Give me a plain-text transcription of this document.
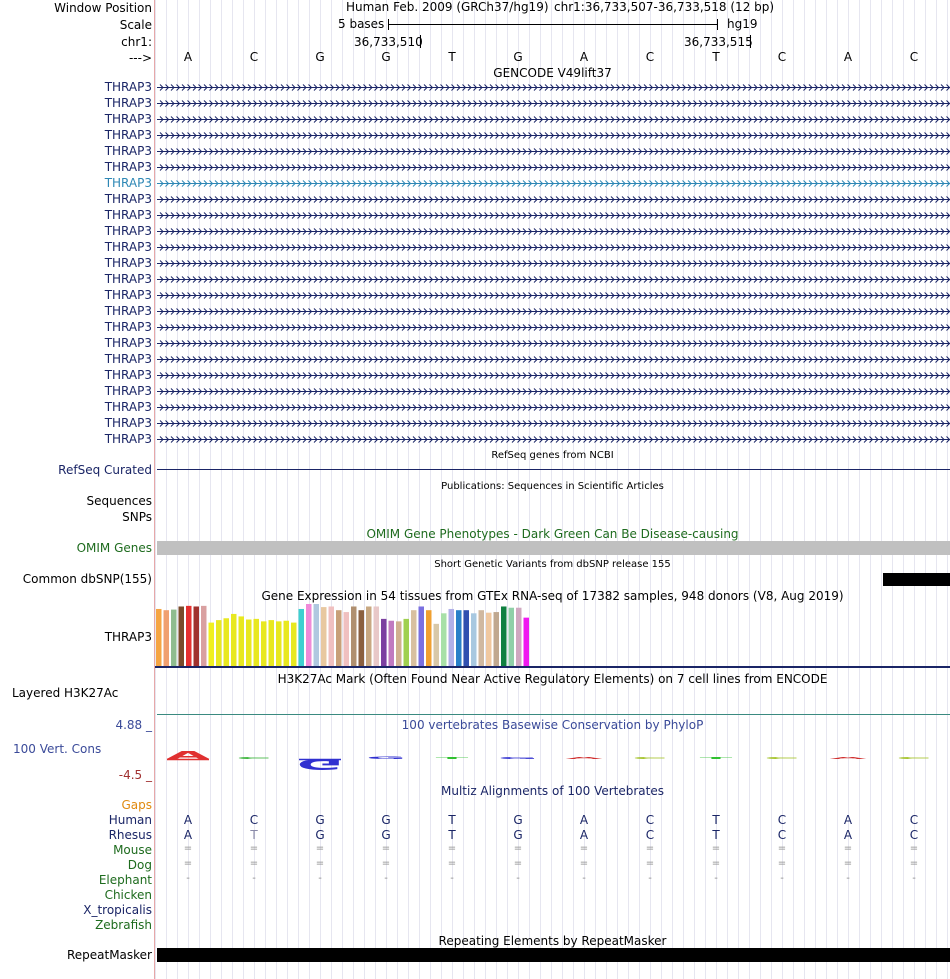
A C G G T G A C	T	C A C
Window Position
Scale
chr1:
--->
Human Feb. 2009 (GRCh37/hg19) chr1:36,733,507-36,733,518 (12 bp)
5 bases	hg19
36,733,510	36,733,515
A	C	G	G	T	G	A	C	T	C	A	C
GENCODE V49lift37
THRAP3
THRAP3
THRAP3
THRAP3
THRAP3
THRAP3
THRAP3
THRAP3
THRAP3
THRAP3
THRAP3
THRAP3
THRAP3
THRAP3
THRAP3
THRAP3
THRAP3
THRAP3
THRAP3
THRAP3
THRAP3
THRAP3
THRAP3
RefSeq genes from NCBI
RefSeq Curated
Publications: Sequences in Scientific Articles
Sequences
SNPs
OMIM Gene Phenotypes - Dark Green Can Be Disease-causing
OMIM Genes
Short Genetic Variants from dbSNP release 155
Common dbSNP(155)
Gene Expression in 54 tissues from GTEx RNA-seq of 17382 samples, 948 donors (V8, Aug 2019)
THRAP3
H3K27Ac Mark (Often Found Near Active Regulatory Elements) on 7 cell lines from ENCODE
Layered H3K27Ac
100 vertebrates Basewise Conservation by PhyloP
4.88 _
100 Vert. Cons
-4.5 _
Multiz Alignments of 100 Vertebrates
Gaps
Human	A	C	G	G	T	G	A	C	T	C	A	C
Rhesus	A	T	G	G	T	G	A	C	T	C	A	C
Mouse	=	=	=	=	=	=	=	=	=	=	=	=
Dog	=	=	=	=	=	=	=	=	=	=	=	=
Elephant	-	-	-	-	-	-	-	-	-	-	-	-
Chicken
X_tropicalis
Zebrafish
Repeating Elements by RepeatMasker
RepeatMasker
